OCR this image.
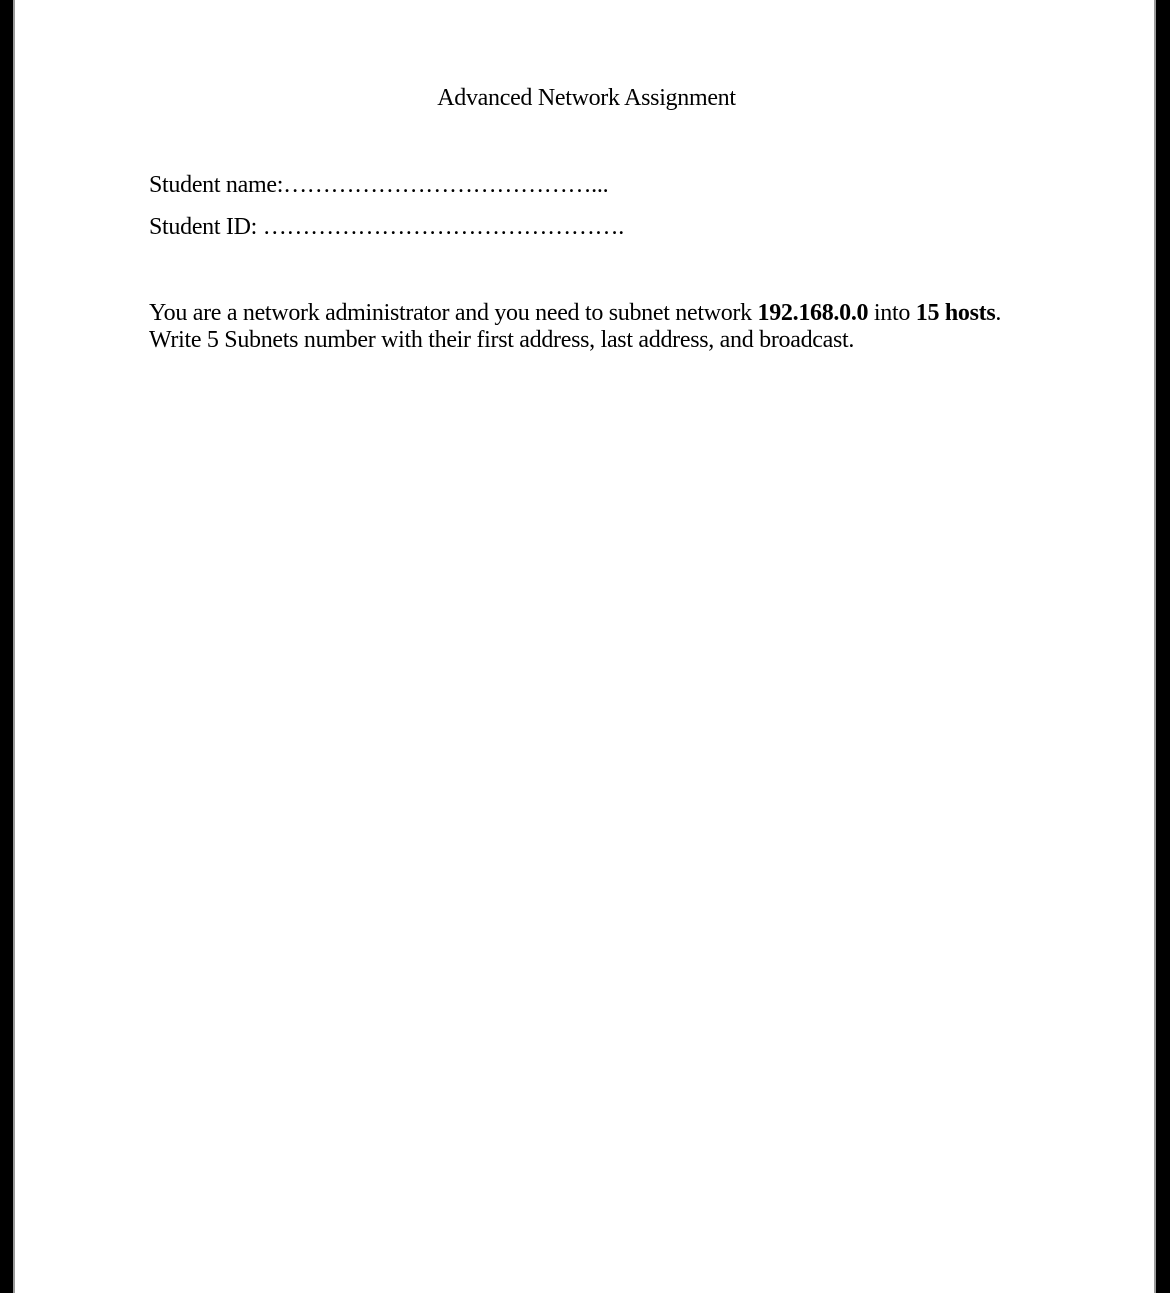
Advanced Network Assignment

Student name:…………………………………...

Student ID: ……………………………………….

You are a network administrator and you need to subnet network 192.168.0.0 into 15 hosts.
Write 5 Subnets number with their first address, last address, and broadcast.
